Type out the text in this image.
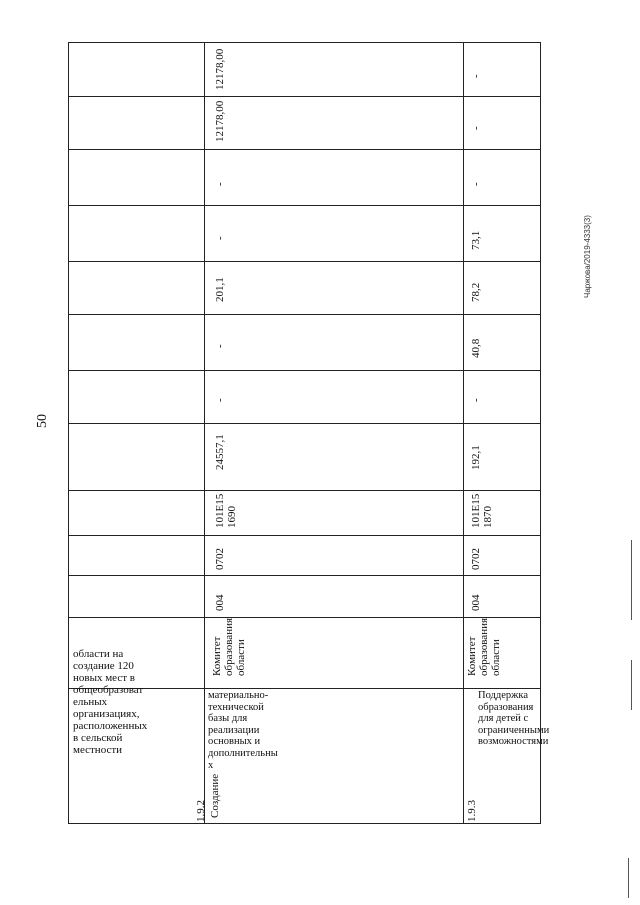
50
Чаржова/2019-4333(3)
области на
создание 120
новых мест в
общеобразоват
ельных
организациях,
расположенных
в сельской
местности
1.9.2 Создание
материально-
технической
базы для
реализации
основных и
дополнительны
х
Комитет образования области
004
0702
101E15 1690
24557,1
-
-
201,1
-
-
12178,00
12178,00
1.9.3
Поддержка
образования
для детей с
ограниченными
возможностями
Комитет образования области
004
0702
101E15 1870
192,1
-
40,8
78,2
73,1
-
-
-
